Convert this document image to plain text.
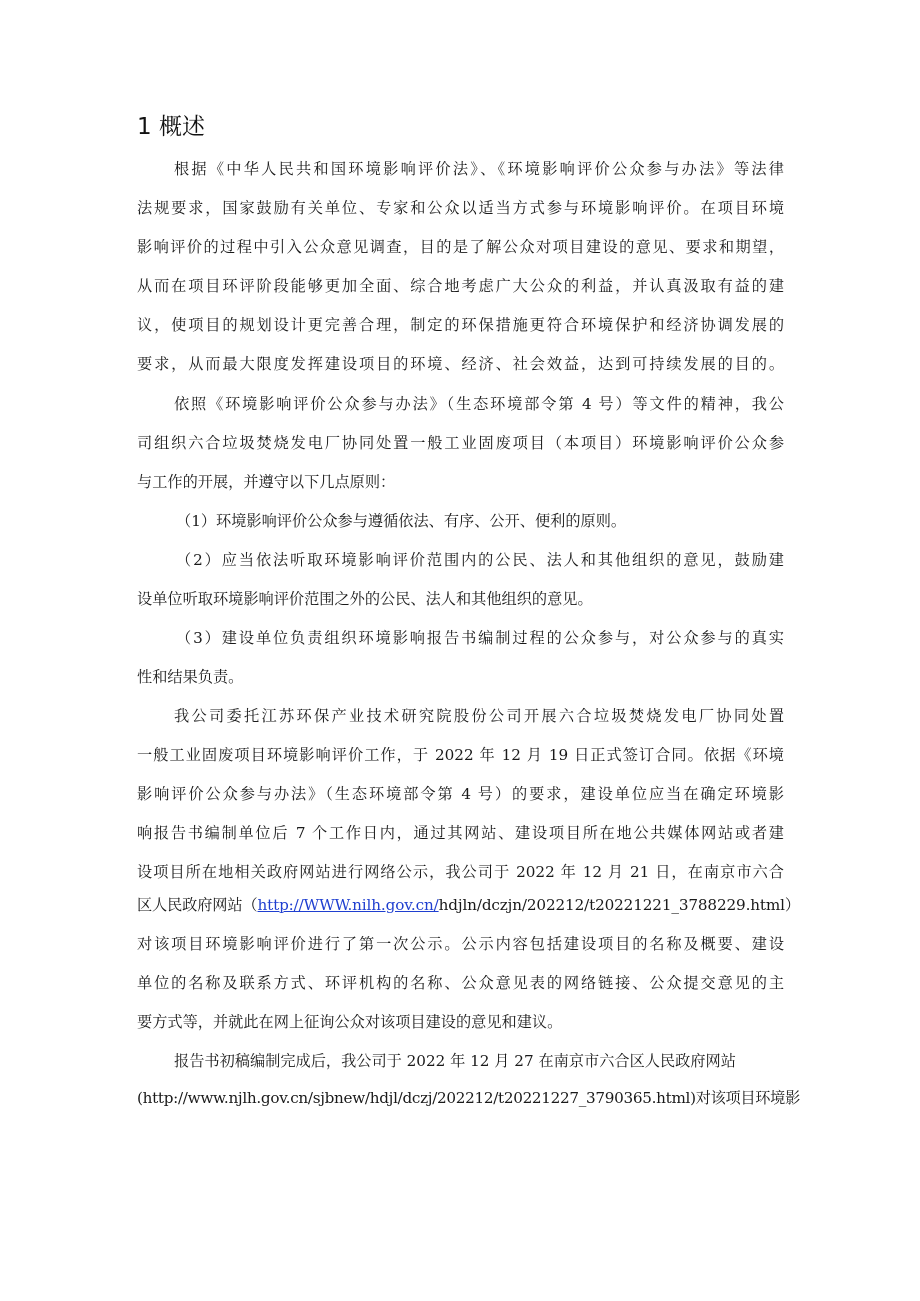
1 概述

根据《中华人民共和国环境影响评价法》、《环境影响评价公众参与办法》等法律

法规要求，国家鼓励有关单位、专家和公众以适当方式参与环境影响评价。在项目环境

影响评价的过程中引入公众意见调查，目的是了解公众对项目建设的意见、要求和期望，

从而在项目环评阶段能够更加全面、综合地考虑广大公众的利益，并认真汲取有益的建

议，使项目的规划设计更完善合理，制定的环保措施更符合环境保护和经济协调发展的

要求，从而最大限度发挥建设项目的环境、经济、社会效益，达到可持续发展的目的。

依照《环境影响评价公众参与办法》（生态环境部令第 4 号）等文件的精神，我公

司组织六合垃圾焚烧发电厂协同处置一般工业固废项目（本项目）环境影响评价公众参

与工作的开展，并遵守以下几点原则：

（1）环境影响评价公众参与遵循依法、有序、公开、便利的原则。

（2）应当依法听取环境影响评价范围内的公民、法人和其他组织的意见，鼓励建

设单位听取环境影响评价范围之外的公民、法人和其他组织的意见。

（3）建设单位负责组织环境影响报告书编制过程的公众参与，对公众参与的真实

性和结果负责。

我公司委托江苏环保产业技术研究院股份公司开展六合垃圾焚烧发电厂协同处置

一般工业固废项目环境影响评价工作，于 2022 年 12 月 19 日正式签订合同。依据《环境

影响评价公众参与办法》（生态环境部令第 4 号）的要求，建设单位应当在确定环境影

响报告书编制单位后 7 个工作日内，通过其网站、建设项目所在地公共媒体网站或者建

设项目所在地相关政府网站进行网络公示，我公司于 2022 年 12 月 21 日，在南京市六合

区人民政府网站（http://WWW.nilh.gov.cn/hdjln/dczjn/202212/t20221221_3788229.html）

对该项目环境影响评价进行了第一次公示。公示内容包括建设项目的名称及概要、建设

单位的名称及联系方式、环评机构的名称、公众意见表的网络链接、公众提交意见的主

要方式等，并就此在网上征询公众对该项目建设的意见和建议。

报告书初稿编制完成后，我公司于 2022 年 12 月 27 在南京市六合区人民政府网站

(http://www.njlh.gov.cn/sjbnew/hdjl/dczj/202212/t20221227_3790365.html)对该项目环境影
